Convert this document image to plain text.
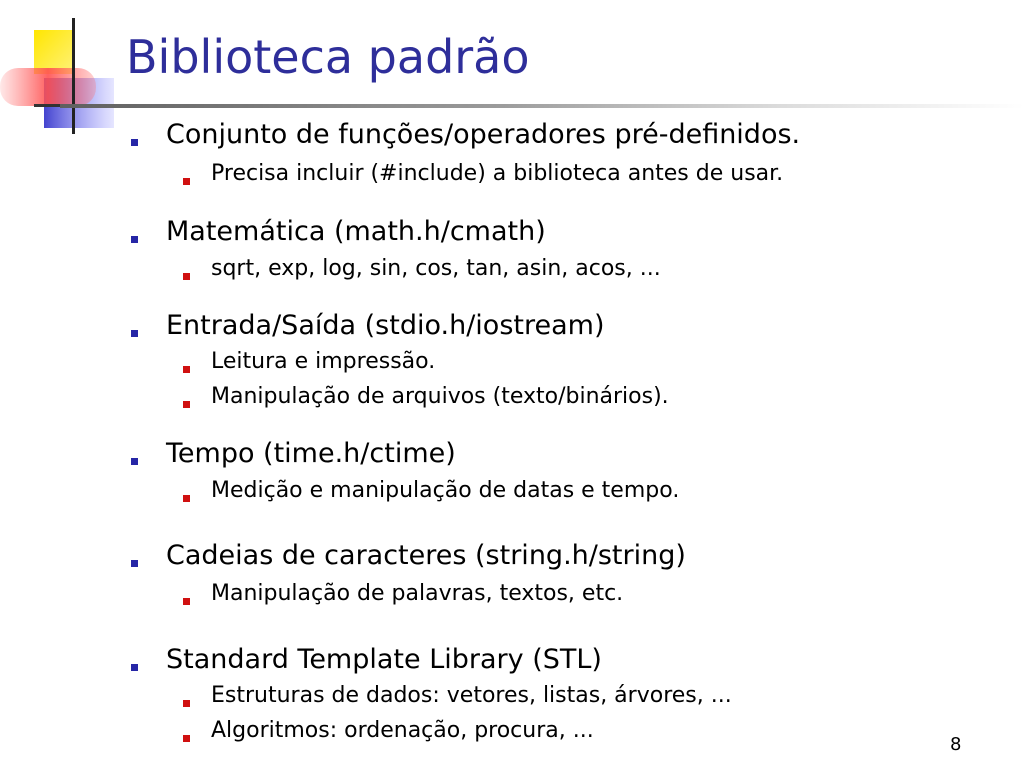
Biblioteca padrão
Conjunto de funções/operadores pré-definidos.
Precisa incluir (#include) a biblioteca antes de usar.
Matemática (math.h/cmath)
sqrt, exp, log, sin, cos, tan, asin, acos, ...
Entrada/Saída (stdio.h/iostream)
Leitura e impressão.
Manipulação de arquivos (texto/binários).
Tempo (time.h/ctime)
Medição e manipulação de datas e tempo.
Cadeias de caracteres (string.h/string)
Manipulação de palavras, textos, etc.
Standard Template Library (STL)
Estruturas de dados: vetores, listas, árvores, ...
Algoritmos: ordenação, procura, ...
8
